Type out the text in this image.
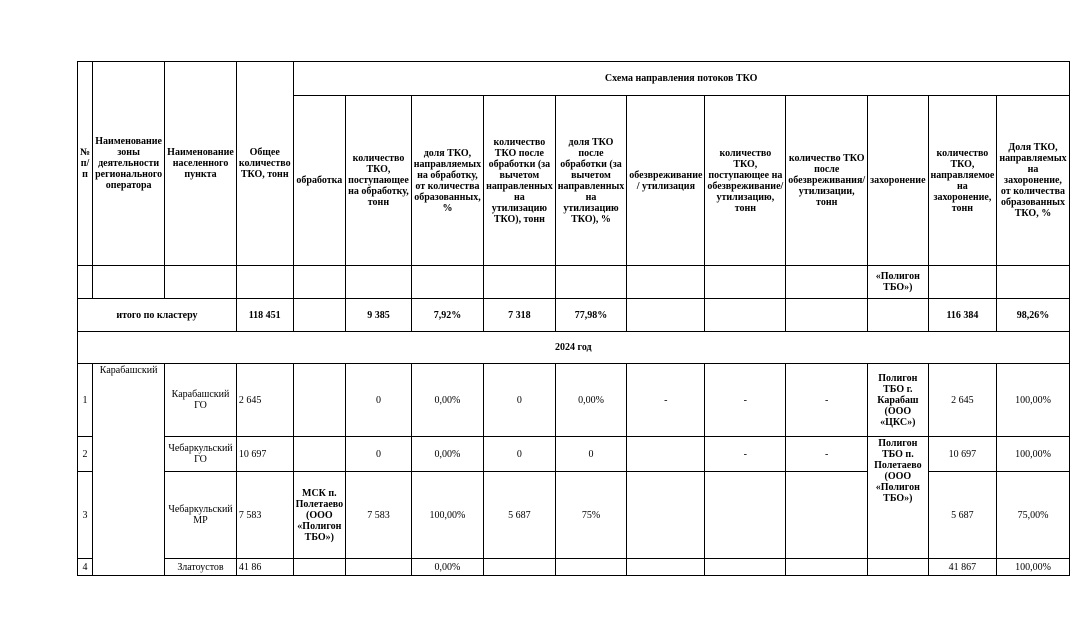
№ п/п	Наименование зоны деятельности регионального оператора	Наименование населенного пункта	Общее количество ТКО, тонн	Схема направления потоков ТКО										
				обработка	количество ТКО, поступающее на обработку, тонн	доля ТКО, направляемых на обработку, от количества образованных, %	количество ТКО после обработки (за вычетом направленных на утилизацию ТКО), тонн	доля ТКО после обработки (за вычетом направленных на утилизацию ТКО), %	обезвреживание / утилизация	количество ТКО, поступающее на обезвреживание/утилизацию, тонн	количество ТКО после обезвреживания/утилизации, тонн	захоронение	количество ТКО, направляемое на захоронение, тонн	Доля ТКО, направляемых на захоронение, от количества образованных ТКО, %
												«Полигон ТБО»)		
итого по кластеру			118 451		9 385	7,92%	7 318	77,98%					116 384	98,26%
2024 год														
1	Карабашский	Карабашский ГО	2 645		0	0,00%	0	0,00%	-	-	-	Полигон ТБО г. Карабаш (ООО «ЦКС»)	2 645	100,00%
2		Чебаркульский ГО	10 697		0	0,00%	0	0		-	-	Полигон ТБО п. Полетаево (ООО «Полигон ТБО»)	10 697	100,00%
3		Чебаркульский МР	7 583	МСК п. Полетаево (ООО «Полигон ТБО»)	7 583	100,00%	5 687	75%					5 687	75,00%
4		Златоустов	41 86			0,00%							41 867	100,00%
